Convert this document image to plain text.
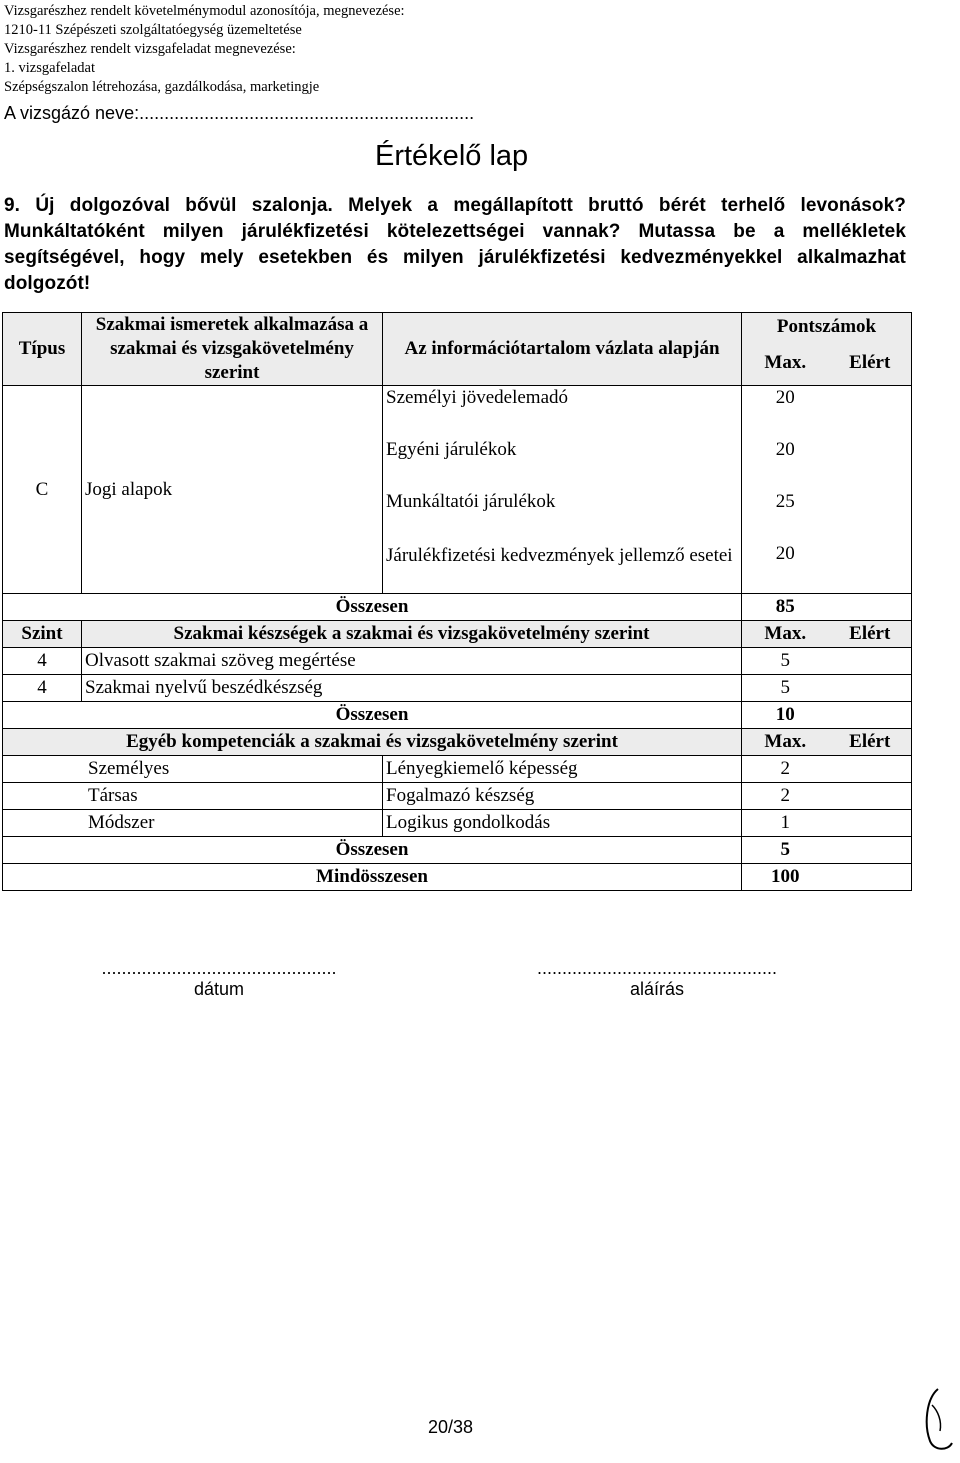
Vizsgarészhez rendelt követelménymodul azonosítója, megnevezése:
1210-11 Szépészeti szolgáltatóegység üzemeltetése
Vizsgarészhez rendelt vizsgafeladat megnevezése:
1. vizsgafeladat
Szépségszalon létrehozása, gazdálkodása, marketingje
A vizsgázó neve:...................................................................
Értékelő lap
9. Új dolgozóval bővül szalonja. Melyek a megállapított bruttó bérét terhelő levonások? Munkáltatóként milyen járulékfizetési kötelezettségei vannak? Mutassa be a mellékletek segítségével, hogy mely esetekben és milyen járulékfizetési kedvezményekkel alkalmazhat dolgozót!
Típus	Szakmai ismeretek alkalmazása a szakmai és vizsgakövetelmény szerint	Az információtartalom vázlata alapján	Pontszámok	
			Max.	Elért
C	Jogi alapok	Személyi jövedelemadó	20	
		Egyéni járulékok	20	
		Munkáltatói járulékok	25	
		Járulékfizetési kedvezmények jellemző esetei	20	
Összesen			85	
Szint	Szakmai készségek a szakmai és vizsgakövetelmény szerint		Max.	Elért
4	Olvasott szakmai szöveg megértése		5	
4	Szakmai nyelvű beszédkészség		5	
Összesen			10	
Egyéb kompetenciák a szakmai és vizsgakövetelmény szerint			Max.	Elért
Személyes		Lényegkiemelő képesség	2	
Társas		Fogalmazó készség	2	
Módszer		Logikus gondolkodás	1	
Összesen			5	
Mindösszesen			100	
...............................................
dátum
................................................
aláírás
20/38
